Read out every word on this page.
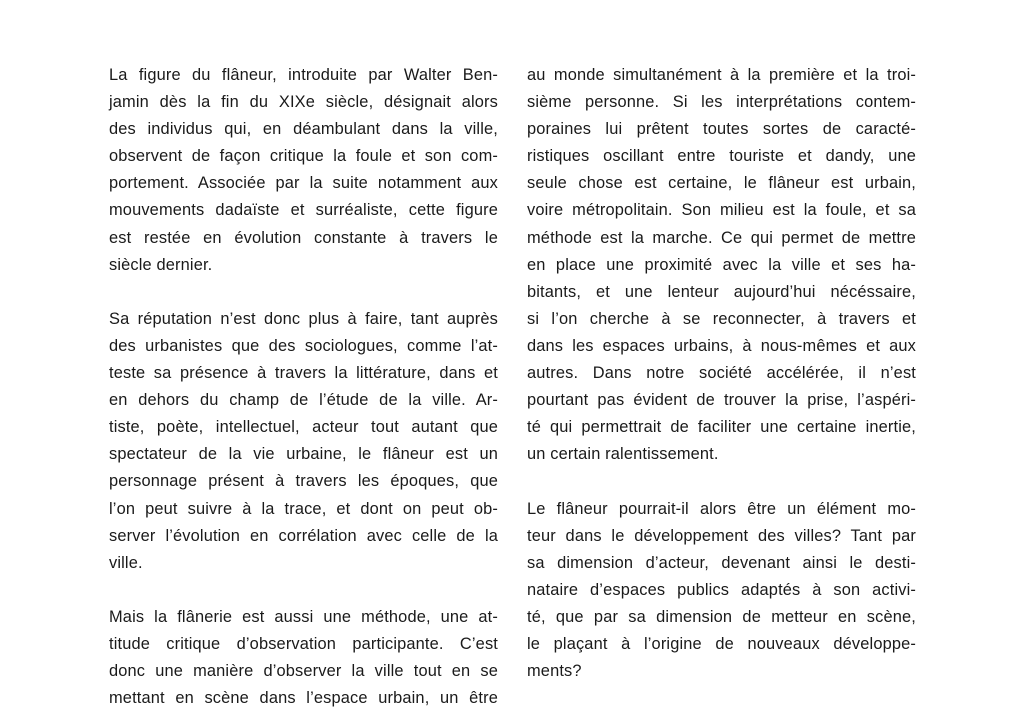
La figure du flâneur, introduite par Walter Ben-
jamin dès la fin du XIXe siècle, désignait alors
des individus qui, en déambulant dans la ville,
observent de façon critique la foule et son com-
portement. Associée par la suite notamment aux
mouvements dadaïste et surréaliste, cette figure
est restée en évolution constante à travers le
siècle dernier.
Sa réputation n’est donc plus à faire, tant auprès
des urbanistes que des sociologues, comme l’at-
teste sa présence à travers la littérature, dans et
en dehors du champ de l’étude de la ville. Ar-
tiste, poète, intellectuel, acteur tout autant que
spectateur de la vie urbaine, le flâneur est un
personnage présent à travers les époques, que
l’on peut suivre à la trace, et dont on peut ob-
server l’évolution en corrélation avec celle de la
ville.
Mais la flânerie est aussi une méthode, une at-
titude critique d’observation participante. C’est
donc une manière d’observer la ville tout en se
mettant en scène dans l’espace urbain, un être
au monde simultanément à la première et la troi-
sième personne. Si les interprétations contem-
poraines lui prêtent toutes sortes de caracté-
ristiques oscillant entre touriste et dandy, une
seule chose est certaine, le flâneur est urbain,
voire métropolitain. Son milieu est la foule, et sa
méthode est la marche. Ce qui permet de mettre
en place une proximité avec la ville et ses ha-
bitants, et une lenteur aujourd’hui nécéssaire,
si l’on cherche à se reconnecter, à travers et
dans les espaces urbains, à nous-mêmes et aux
autres. Dans notre société accélérée, il n’est
pourtant pas évident de trouver la prise, l’aspéri-
té qui permettrait de faciliter une certaine inertie,
un certain ralentissement.
Le flâneur pourrait-il alors être un élément mo-
teur dans le développement des villes? Tant par
sa dimension d’acteur, devenant ainsi le desti-
nataire d’espaces publics adaptés à son activi-
té, que par sa dimension de metteur en scène,
le plaçant à l’origine de nouveaux développe-
ments?
